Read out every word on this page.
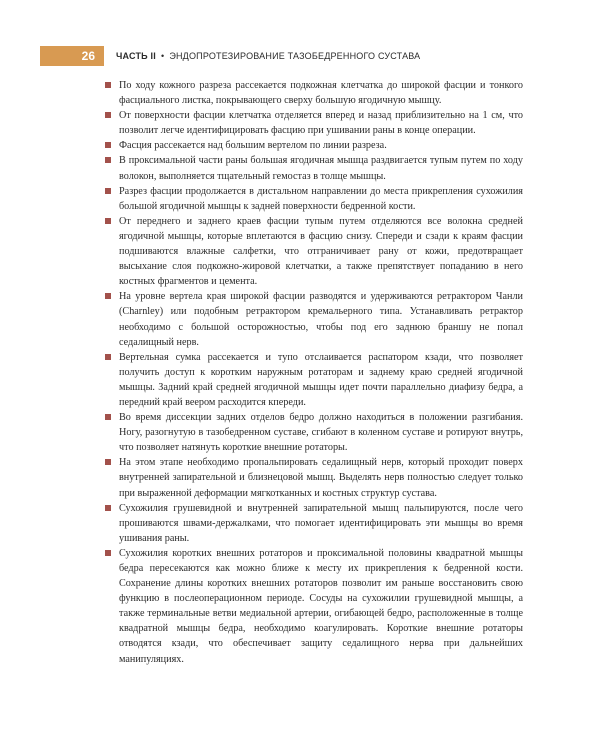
26	ЧАСТЬ II • ЭНДОПРОТЕЗИРОВАНИЕ ТАЗОБЕДРЕННОГО СУСТАВА
По ходу кожного разреза рассекается подкожная клетчатка до широкой фасции и тонкого фасциального листка, покрывающего сверху большую ягодичную мышцу.
От поверхности фасции клетчатка отделяется вперед и назад приблизительно на 1 см, что позволит легче идентифицировать фасцию при ушивании раны в конце операции.
Фасция рассекается над большим вертелом по линии разреза.
В проксимальной части раны большая ягодичная мышца раздвигается тупым путем по ходу волокон, выполняется тщательный гемостаз в толще мышцы.
Разрез фасции продолжается в дистальном направлении до места прикрепления сухожилия большой ягодичной мышцы к задней поверхности бедренной кости.
От переднего и заднего краев фасции тупым путем отделяются все волокна средней ягодичной мышцы, которые вплетаются в фасцию снизу. Спереди и сзади к краям фасции подшиваются влажные салфетки, что отграничивает рану от кожи, предотвращает высыхание слоя подкожно-жировой клетчатки, а также препятствует попаданию в него костных фрагментов и цемента.
На уровне вертела края широкой фасции разводятся и удерживаются ретрактором Чанли (Charnley) или подобным ретрактором кремальерного типа. Устанавливать ретрактор необходимо с большой осторожностью, чтобы под его заднюю браншу не попал седалищный нерв.
Вертельная сумка рассекается и тупо отслаивается распатором кзади, что позволяет получить доступ к коротким наружным ротаторам и заднему краю средней ягодичной мышцы. Задний край средней ягодичной мышцы идет почти параллельно диафизу бедра, а передний край веером расходится кпереди.
Во время диссекции задних отделов бедро должно находиться в положении разгибания. Ногу, разогнутую в тазобедренном суставе, сгибают в коленном суставе и ротируют внутрь, что позволяет натянуть короткие внешние ротаторы.
На этом этапе необходимо пропальпировать седалищный нерв, который проходит поверх внутренней запирательной и близнецовой мышц. Выделять нерв полностью следует только при выраженной деформации мягкотканных и костных структур сустава.
Сухожилия грушевидной и внутренней запирательной мышц пальпируются, после чего прошиваются швами-держалками, что помогает идентифицировать эти мышцы во время ушивания раны.
Сухожилия коротких внешних ротаторов и проксимальной половины квадратной мышцы бедра пересекаются как можно ближе к месту их прикрепления к бедренной кости. Сохранение длины коротких внешних ротаторов позволит им раньше восстановить свою функцию в послеоперационном периоде. Сосуды на сухожилии грушевидной мышцы, а также терминальные ветви медиальной артерии, огибающей бедро, расположенные в толще квадратной мышцы бедра, необходимо коагулировать. Короткие внешние ротаторы отводятся кзади, что обеспечивает защиту седалищного нерва при дальнейших манипуляциях.
